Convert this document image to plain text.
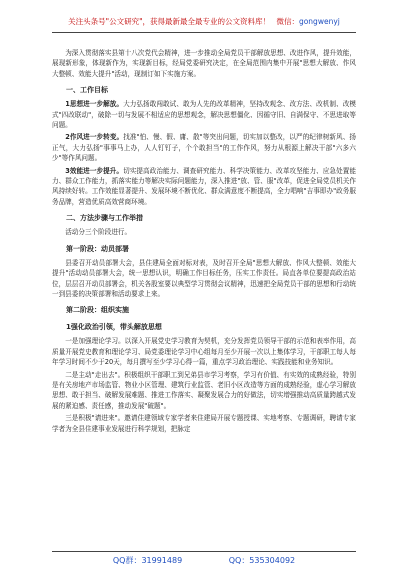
关注头条号"公文研究"，获得最新最全最专业的公文资料库！ 微信：gongwenyj

为深入贯彻落实县第十八次党代会精神，进一步推动全局党员干部解放思想、改进作风，提升效能，展现新形象，体现新作为，实现新目标，经局党委研究决定，在全局范围内集中开展"思想大解放、作风大整顿、效能大提升"活动，现制订如下实施方案。

一、工作目标

1思想进一步解放。大力弘扬敢闯敢试、敢为人先的改革精神，坚持改观念、改方法、改机制、改模式"四改联动"，破除一切与发展不相适应的思想观念，解决思想僵化、因循守旧、自满保守、不思进取等问题。

2作风进一步转变。找准"怕、慢、假、庸、散"等突出问题，切实加以整改，以严的纪律树新风、扬正气，大力弘扬"事事马上办，人人钉钉子，个个敢担当"的工作作风，努力从根源上解决干部"六多六少"等作风问题。

3效能进一步提升。切实提高政治能力、调查研究能力、科学决策能力、改革攻坚能力、应急处置能力、群众工作能力，抓落实能力等解决实际问题能力，深入推进"放、管、服"改革，促进全局党员机关作风持续好转。工作效能显著提升、发展环境不断优化、群众满意度不断提高，全力唱响"吉事即办"政务服务品牌，营造优质高效营商环境。

二、方法步骤与工作举措

活动分三个阶段进行。

第一阶段：动员部署

县委召开动员部署大会，县住建局全面对标对表，及时召开全局"思想大解放、作风大整顿、效能大提升"活动动员部署大会，统一思想认识，明确工作目标任务，压实工作责任。局直各单位要提高政治站位，层层召开动员部署会，机关各股室要以典型学习贯彻会议精神，迅速把全局党员干部的思想和行动统一到县委的决策部署和活动要求上来。

第二阶段：组织实施

1强化政治引领，带头解放思想

一是加强理论学习。以深入开展党史学习教育为契机，充分发挥党员领导干部的示范和表率作用，高质量开展党史教育和理论学习、局党委理论学习中心组每月至少开展一次以上集体学习，干部职工每人每年学习时间不少于20天，每月撰写至少学习心得一篇，重点学习政治理论、实践技能和业务知识。

二是主动"走出去"。积极组织干部职工到兄弟县市学习考察，学习有价值、有实效的成熟经验，特别是有关房地产市场监管、物业小区管理、建筑行业监管、老旧小区改造等方面的成熟经验，虚心学习解放思想、敢于担当、破解发展难题、推进工作落实、凝聚发展合力的好做法，切实增强推动高质量跨越式发展的紧迫感、责任感，推动发展"破题"。

三是积极"请进来"。邀请住建领域专家学者来住建局开展专题授课、实地考察、专题调研，聘请专家学者为全县住建事业发展进行科学规划，把脉定

QQ群：31991489	QQ：535304092
